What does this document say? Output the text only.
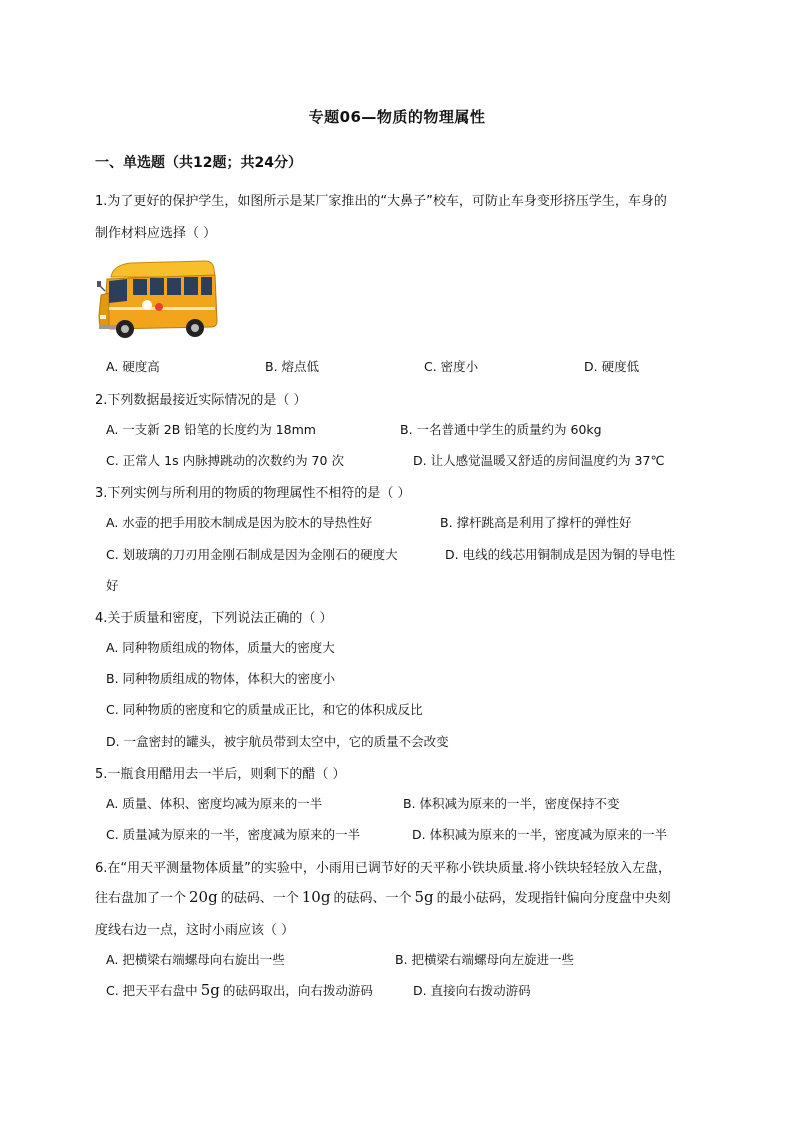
专题06—物质的物理属性
一、单选题（共12题；共24分）
1.为了更好的保护学生，如图所示是某厂家推出的“大鼻子”校车，可防止车身变形挤压学生，车身的
制作材料应选择（ ）
A. 硬度高	B. 熔点低	C. 密度小	D. 硬度低
2.下列数据最接近实际情况的是（ ）
A. 一支新 2B 铅笔的长度约为 18mm	B. 一名普通中学生的质量约为 60kg
C. 正常人 1s 内脉搏跳动的次数约为 70 次	D. 让人感觉温暖又舒适的房间温度约为 37℃
3.下列实例与所利用的物质的物理属性不相符的是（ ）
A. 水壶的把手用胶木制成是因为胶木的导热性好	B. 撑杆跳高是利用了撑杆的弹性好
C. 划玻璃的刀刃用金刚石制成是因为金刚石的硬度大	D. 电线的线芯用铜制成是因为铜的导电性
好
4.关于质量和密度，下列说法正确的（ ）
A. 同种物质组成的物体，质量大的密度大
B. 同种物质组成的物体，体积大的密度小
C. 同种物质的密度和它的质量成正比，和它的体积成反比
D. 一盒密封的罐头，被宇航员带到太空中，它的质量不会改变
5.一瓶食用醋用去一半后，则剩下的醋（ ）
A. 质量、体积、密度均减为原来的一半	B. 体积减为原来的一半，密度保持不变
C. 质量减为原来的一半，密度减为原来的一半	D. 体积减为原来的一半，密度减为原来的一半
6.在“用天平测量物体质量”的实验中，小雨用已调节好的天平称小铁块质量.将小铁块轻轻放入左盘，
往右盘加了一个 20g 的砝码、一个 10g 的砝码、一个 5g 的最小砝码，发现指针偏向分度盘中央刻
度线右边一点，这时小雨应该（ ）
A. 把横梁右端螺母向右旋出一些	B. 把横梁右端螺母向左旋进一些
C. 把天平右盘中 5g 的砝码取出，向右拨动游码	D. 直接向右拨动游码
